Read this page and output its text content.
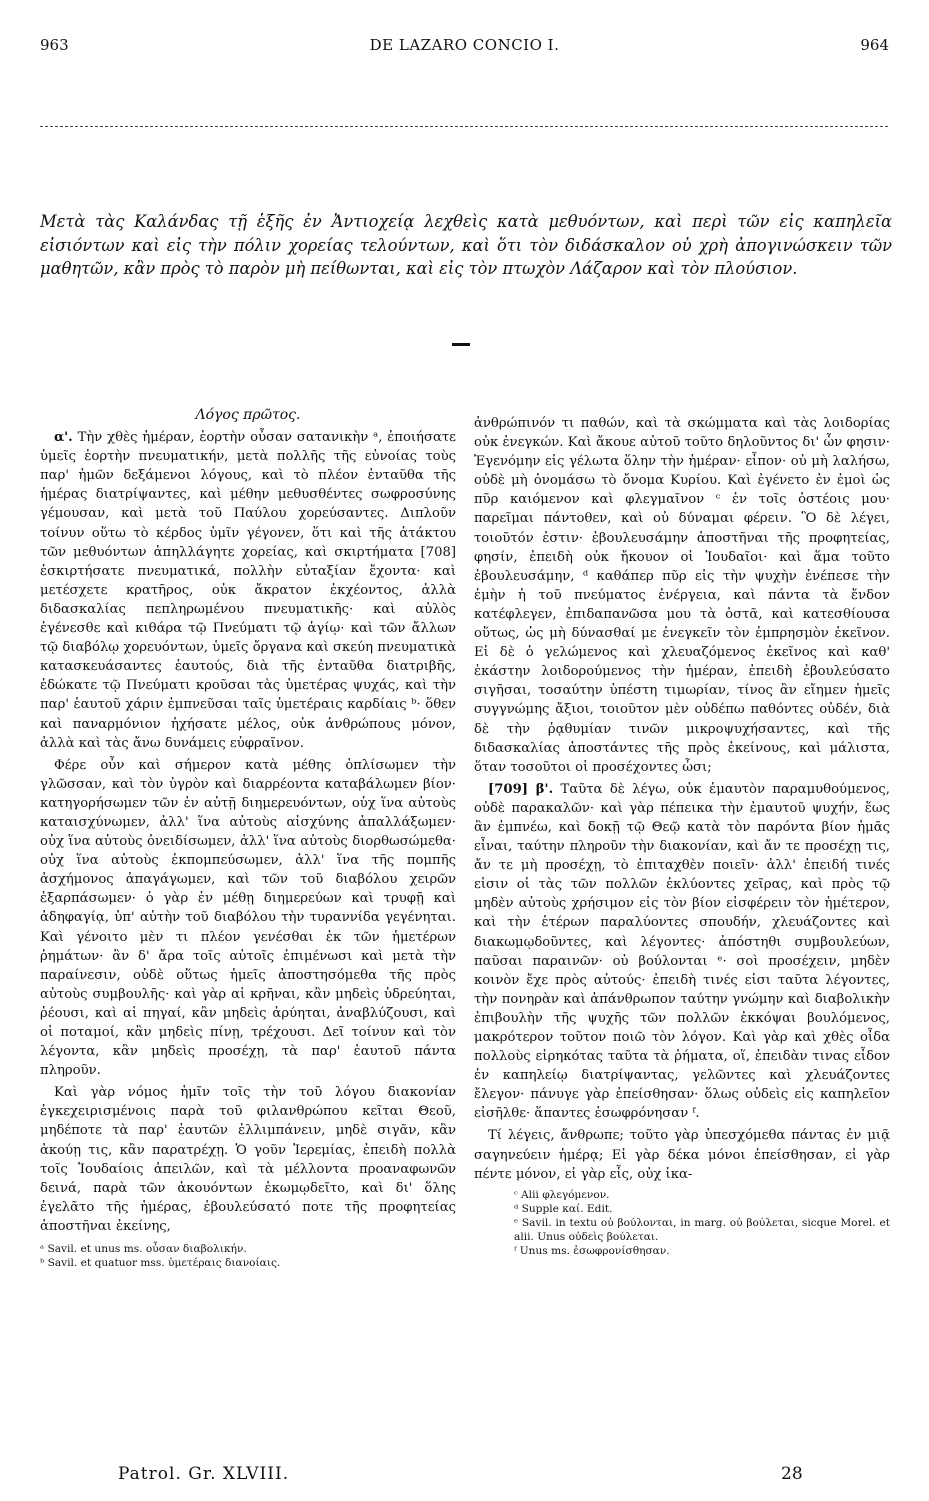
963	DE LAZARO CONCIO I.	964
Μετὰ τὰς Καλάνδας τῇ ἑξῆς ἐν Ἀντιοχείᾳ λεχθεὶς κατὰ μεθυόντων, καὶ περὶ τῶν εἰς καπηλεῖα εἰσιόντων καὶ εἰς τὴν πόλιν χορείας τελούντων, καὶ ὅτι τὸν διδάσκαλον οὐ χρὴ ἀπογινώσκειν τῶν μαθητῶν, κἂν πρὸς τὸ παρὸν μὴ πείθωνται, καὶ εἰς τὸν πτωχὸν Λάζαρον καὶ τὸν πλούσιον.

Λόγος πρῶτος.

α'. Τὴν χθὲς ἡμέραν, ἑορτὴν οὖσαν σατανικὴν ᵃ, ἐποιήσατε ὑμεῖς ἑορτὴν πνευματικήν, μετὰ πολλῆς τῆς εὐνοίας τοὺς παρ' ἡμῶν δεξάμενοι λόγους, καὶ τὸ πλέον ἐνταῦθα τῆς ἡμέρας διατρίψαντες, καὶ μέθην μεθυσθέντες σωφροσύνης γέμουσαν, καὶ μετὰ τοῦ Παύλου χορεύσαντες. Διπλοῦν τοίνυν οὕτω τὸ κέρδος ὑμῖν γέγονεν, ὅτι καὶ τῆς ἀτάκτου τῶν μεθυόντων ἀπηλλάγητε χορείας, καὶ σκιρτήματα [708] ἐσκιρτήσατε πνευματικά, πολλὴν εὐταξίαν ἔχοντα· καὶ μετέσχετε κρατῆρος, οὐκ ἄκρατον ἐκχέοντος, ἀλλὰ διδασκαλίας πεπληρωμένου πνευματικῆς· καὶ αὐλὸς ἐγένεσθε καὶ κιθάρα τῷ Πνεύματι τῷ ἁγίῳ· καὶ τῶν ἄλλων τῷ διαβόλῳ χορευόντων, ὑμεῖς ὄργανα καὶ σκεύη πνευματικὰ κατασκευάσαντες ἑαυτούς, διὰ τῆς ἐνταῦθα διατριβῆς, ἐδώκατε τῷ Πνεύματι κροῦσαι τὰς ὑμετέρας ψυχάς, καὶ τὴν παρ' ἑαυτοῦ χάριν ἐμπνεῦσαι ταῖς ὑμετέραις καρδίαις ᵇ· ὅθεν καὶ παναρμόνιον ἠχήσατε μέλος, οὐκ ἀνθρώπους μόνον, ἀλλὰ καὶ τὰς ἄνω δυνάμεις εὐφραῖνον.

Φέρε οὖν καὶ σήμερον κατὰ μέθης ὁπλίσωμεν τὴν γλῶσσαν, καὶ τὸν ὑγρὸν καὶ διαρρέοντα καταβάλωμεν βίον· κατηγορήσωμεν τῶν ἐν αὐτῇ διημερευόντων, οὐχ ἵνα αὐτοὺς καταισχύνωμεν, ἀλλ' ἵνα αὐτοὺς αἰσχύνης ἀπαλλάξωμεν· οὐχ ἵνα αὐτοὺς ὀνειδίσωμεν, ἀλλ' ἵνα αὐτοὺς διορθωσώμεθα· οὐχ ἵνα αὐτοὺς ἐκπομπεύσωμεν, ἀλλ' ἵνα τῆς πομπῆς ἀσχήμονος ἀπαγάγωμεν, καὶ τῶν τοῦ διαβόλου χειρῶν ἐξαρπάσωμεν· ὁ γὰρ ἐν μέθῃ διημερεύων καὶ τρυφῇ καὶ ἀδηφαγίᾳ, ὑπ' αὐτὴν τοῦ διαβόλου τὴν τυραννίδα γεγένηται. Καὶ γένοιτο μὲν τι πλέον γενέσθαι ἐκ τῶν ἡμετέρων ῥημάτων· ἂν δ' ἄρα τοῖς αὐτοῖς ἐπιμένωσι καὶ μετὰ τὴν παραίνεσιν, οὐδὲ οὕτως ἡμεῖς ἀποστησόμεθα τῆς πρὸς αὐτοὺς συμβουλῆς· καὶ γὰρ αἱ κρῆναι, κἂν μηδεὶς ὑδρεύηται, ῥέουσι, καὶ αἱ πηγαί, κἂν μηδεὶς ἀρύηται, ἀναβλύζουσι, καὶ οἱ ποταμοί, κἂν μηδεὶς πίνῃ, τρέχουσι. Δεῖ τοίνυν καὶ τὸν λέγοντα, κἂν μηδεὶς προσέχῃ, τὰ παρ' ἑαυτοῦ πάντα πληροῦν.

Καὶ γὰρ νόμος ἡμῖν τοῖς τὴν τοῦ λόγου διακονίαν ἐγκεχειρισμένοις παρὰ τοῦ φιλανθρώπου κεῖται Θεοῦ, μηδέποτε τὰ παρ' ἑαυτῶν ἐλλιμπάνειν, μηδὲ σιγᾶν, κἂν ἀκούῃ τις, κἂν παρατρέχῃ. Ὁ γοῦν Ἱερεμίας, ἐπειδὴ πολλὰ τοῖς Ἰουδαίοις ἀπειλῶν, καὶ τὰ μέλλοντα προαναφωνῶν δεινά, παρὰ τῶν ἀκουόντων ἐκωμῳδεῖτο, καὶ δι' ὅλης ἐγελᾶτο τῆς ἡμέρας, ἐβουλεύσατό ποτε τῆς προφητείας ἀποστῆναι ἐκείνης,

ᵃ Savil. et unus ms. οὖσαν διαβολικήν.
ᵇ Savil. et quatuor mss. ὑμετέραις διανοίαις.

ἀνθρώπινόν τι παθών, καὶ τὰ σκώμματα καὶ τὰς λοιδορίας οὐκ ἐνεγκών. Καὶ ἄκουε αὐτοῦ τοῦτο δηλοῦντος δι' ὧν φησιν· Ἐγενόμην εἰς γέλωτα ὅλην τὴν ἡμέραν· εἶπον· οὐ μὴ λαλήσω, οὐδὲ μὴ ὀνομάσω τὸ ὄνομα Κυρίου. Καὶ ἐγένετο ἐν ἐμοὶ ὡς πῦρ καιόμενον καὶ φλεγμαῖνον ᶜ ἐν τοῖς ὀστέοις μου· παρεῖμαι πάντοθεν, καὶ οὐ δύναμαι φέρειν. Ὃ δὲ λέγει, τοιοῦτόν ἐστιν· ἐβουλευσάμην ἀποστῆναι τῆς προφητείας, φησίν, ἐπειδὴ οὐκ ἤκουον οἱ Ἰουδαῖοι· καὶ ἅμα τοῦτο ἐβουλευσάμην, ᵈ καθάπερ πῦρ εἰς τὴν ψυχὴν ἐνέπεσε τὴν ἐμὴν ἡ τοῦ πνεύματος ἐνέργεια, καὶ πάντα τὰ ἔνδον κατέφλεγεν, ἐπιδαπανῶσα μου τὰ ὀστᾶ, καὶ κατεσθίουσα οὕτως, ὡς μὴ δύνασθαί με ἐνεγκεῖν τὸν ἐμπρησμὸν ἐκεῖνον. Εἰ δὲ ὁ γελώμενος καὶ χλευαζόμενος ἐκεῖνος καὶ καθ' ἑκάστην λοιδορούμενος τὴν ἡμέραν, ἐπειδὴ ἐβουλεύσατο σιγῆσαι, τοσαύτην ὑπέστη τιμωρίαν, τίνος ἂν εἴημεν ἡμεῖς συγγνώμης ἄξιοι, τοιοῦτον μὲν οὐδέπω παθόντες οὐδέν, διὰ δὲ τὴν ῥᾳθυμίαν τινῶν μικροψυχήσαντες, καὶ τῆς διδασκαλίας ἀποστάντες τῆς πρὸς ἐκείνους, καὶ μάλιστα, ὅταν τοσοῦτοι οἱ προσέχοντες ὦσι;

[709] β'. Ταῦτα δὲ λέγω, οὐκ ἐμαυτὸν παραμυθούμενος, οὐδὲ παρακαλῶν· καὶ γὰρ πέπεικα τὴν ἐμαυτοῦ ψυχήν, ἕως ἂν ἐμπνέω, καὶ δοκῇ τῷ Θεῷ κατὰ τὸν παρόντα βίον ἡμᾶς εἶναι, ταύτην πληροῦν τὴν διακονίαν, καὶ ἄν τε προσέχῃ τις, ἄν τε μὴ προσέχῃ, τὸ ἐπιταχθὲν ποιεῖν· ἀλλ' ἐπειδή τινές εἰσιν οἱ τὰς τῶν πολλῶν ἐκλύοντες χεῖρας, καὶ πρὸς τῷ μηδὲν αὐτοὺς χρήσιμον εἰς τὸν βίον εἰσφέρειν τὸν ἡμέτερον, καὶ τὴν ἑτέρων παραλύοντες σπουδήν, χλευάζοντες καὶ διακωμῳδοῦντες, καὶ λέγοντες· ἀπόστηθι συμβουλεύων, παῦσαι παραινῶν· οὐ βούλονται ᵉ· σοὶ προσέχειν, μηδὲν κοινὸν ἔχε πρὸς αὐτούς· ἐπειδὴ τινές εἰσι ταῦτα λέγοντες, τὴν πονηρὰν καὶ ἀπάνθρωπον ταύτην γνώμην καὶ διαβολικὴν ἐπιβουλὴν τῆς ψυχῆς τῶν πολλῶν ἐκκόψαι βουλόμενος, μακρότερον τοῦτον ποιῶ τὸν λόγον. Καὶ γὰρ καὶ χθὲς οἶδα πολλοὺς εἰρηκότας ταῦτα τὰ ῥήματα, οἵ, ἐπειδὰν τινας εἶδον ἐν καπηλείῳ διατρίψαντας, γελῶντες καὶ χλευάζοντες ἔλεγον· πάνυγε γὰρ ἐπείσθησαν· ὅλως οὐδεὶς εἰς καπηλεῖον εἰσῆλθε· ἅπαντες ἐσωφρόνησαν ᶠ.

Τί λέγεις, ἄνθρωπε; τοῦτο γὰρ ὑπεσχόμεθα πάντας ἐν μιᾷ σαγηνεύειν ἡμέρᾳ; Εἰ γὰρ δέκα μόνοι ἐπείσθησαν, εἰ γὰρ πέντε μόνον, εἰ γὰρ εἷς, οὐχ ἱκα-

ᶜ Alii φλεγόμενον.
ᵈ Supple καί. Edit.
ᵉ Savil. in textu οὐ βούλονται, in marg. οὐ βούλεται, sicque Morel. et alii. Unus οὐδεὶς βούλεται.
ᶠ Unus ms. ἐσωφρονίσθησαν.
Patrol. Gr. XLVIII.	28
